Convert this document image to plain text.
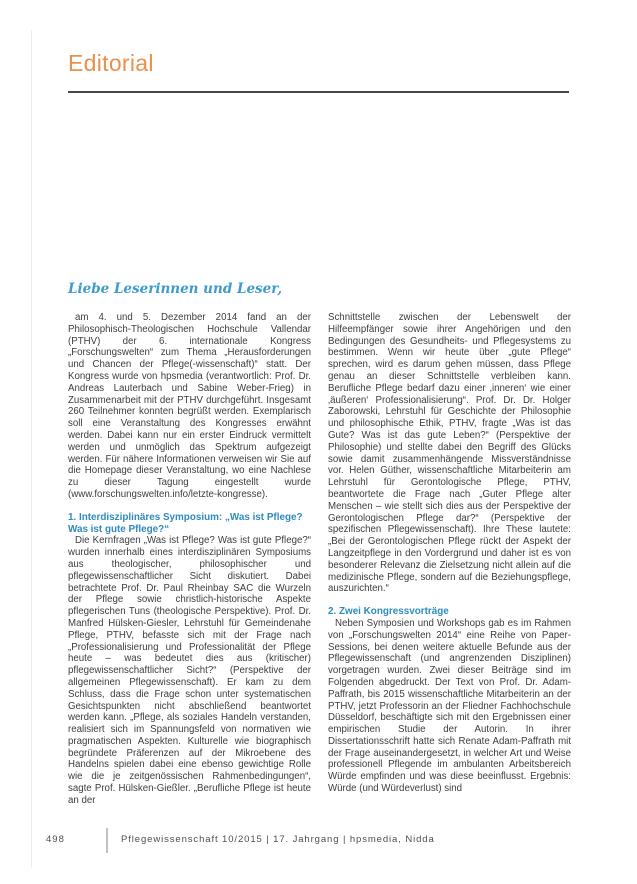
Editorial
Liebe Leserinnen und Leser,

am 4. und 5. Dezember 2014 fand an der Philosophisch-Theologischen Hochschule Vallendar (PTHV) der 6. internationale Kongress „Forschungswelten“ zum Thema „Herausforderungen und Chancen der Pflege(-wissenschaft)“ statt. Der Kongress wurde von hpsmedia (verantwortlich: Prof. Dr. Andreas Lauterbach und Sabine Weber-Frieg) in Zusammenarbeit mit der PTHV durchgeführt. Insgesamt 260 Teilnehmer konnten begrüßt werden. Exemplarisch soll eine Veranstaltung des Kongresses erwähnt werden. Dabei kann nur ein erster Eindruck vermittelt werden und unmöglich das Spektrum aufgezeigt werden. Für nähere Informationen verweisen wir Sie auf die Homepage dieser Veranstaltung, wo eine Nachlese zu dieser Tagung eingestellt wurde (www.forschungswelten.info/letzte-kongresse).

1. Interdisziplinäres Symposium: „Was ist Pflege? Was ist gute Pflege?“

Die Kernfragen „Was ist Pflege? Was ist gute Pflege?“ wurden innerhalb eines interdisziplinären Symposiums aus theologischer, philosophischer und pflegewissenschaftlicher Sicht diskutiert. Dabei betrachtete Prof. Dr. Paul Rheinbay SAC die Wurzeln der Pflege sowie christlich-historische Aspekte pflegerischen Tuns (theologische Perspektive). Prof. Dr. Manfred Hülsken-Giesler, Lehrstuhl für Gemeindenahe Pflege, PTHV, befasste sich mit der Frage nach „Professionalisierung und Professionalität der Pflege heute – was bedeutet dies aus (kritischer) pflegewissenschaftlicher Sicht?“ (Perspektive der allgemeinen Pflegewissenschaft). Er kam zu dem Schluss, dass die Frage schon unter systematischen Gesichtspunkten nicht abschließend beantwortet werden kann. „Pflege, als soziales Handeln verstanden, realisiert sich im Spannungsfeld von normativen wie pragmatischen Aspekten. Kulturelle wie biographisch begründete Präferenzen auf der Mikroebene des Handelns spielen dabei eine ebenso gewichtige Rolle wie die je zeitgenössischen Rahmenbedingungen“, sagte Prof. Hülsken-Gießler. „Berufliche Pflege ist heute an der

Schnittstelle zwischen der Lebenswelt der Hilfeempfänger sowie ihrer Angehörigen und den Bedingungen des Gesundheits- und Pflegesystems zu bestimmen. Wenn wir heute über „gute Pflege“ sprechen, wird es darum gehen müssen, dass Pflege genau an dieser Schnittstelle verbleiben kann. Berufliche Pflege bedarf dazu einer ‚inneren‘ wie einer ‚äußeren‘ Professionalisierung“. Prof. Dr. Dr. Holger Zaborowski, Lehrstuhl für Geschichte der Philosophie und philosophische Ethik, PTHV, fragte „Was ist das Gute? Was ist das gute Leben?“ (Perspektive der Philosophie) und stellte dabei den Begriff des Glücks sowie damit zusammenhängende Missverständnisse vor. Helen Güther, wissenschaftliche Mitarbeiterin am Lehrstuhl für Gerontologische Pflege, PTHV, beantwortete die Frage nach „Guter Pflege alter Menschen – wie stellt sich dies aus der Perspektive der Gerontologischen Pflege dar?“ (Perspektive der spezifischen Pflegewissenschaft). Ihre These lautete: „Bei der Gerontologischen Pflege rückt der Aspekt der Langzeitpflege in den Vordergrund und daher ist es von besonderer Relevanz die Zielsetzung nicht allein auf die medizinische Pflege, sondern auf die Beziehungspflege, auszurichten.“

2. Zwei Kongressvorträge

Neben Symposien und Workshops gab es im Rahmen von „Forschungswelten 2014“ eine Reihe von Paper-Sessions, bei denen weitere aktuelle Befunde aus der Pflegewissenschaft (und angrenzenden Disziplinen) vorgetragen wurden. Zwei dieser Beiträge sind im Folgenden abgedruckt. Der Text von Prof. Dr. Adam-Paffrath, bis 2015 wissenschaftliche Mitarbeiterin an der PTHV, jetzt Professorin an der Fliedner Fachhochschule Düsseldorf, beschäftigte sich mit den Ergebnissen einer empirischen Studie der Autorin. In ihrer Dissertationsschrift hatte sich Renate Adam-Paffrath mit der Frage auseinandergesetzt, in welcher Art und Weise professionell Pflegende im ambulanten Arbeitsbereich Würde empfinden und was diese beeinflusst. Ergebnis: Würde (und Würdeverlust) sind

498	Pflegewissenschaft 10/2015 | 17. Jahrgang | hpsmedia, Nidda
